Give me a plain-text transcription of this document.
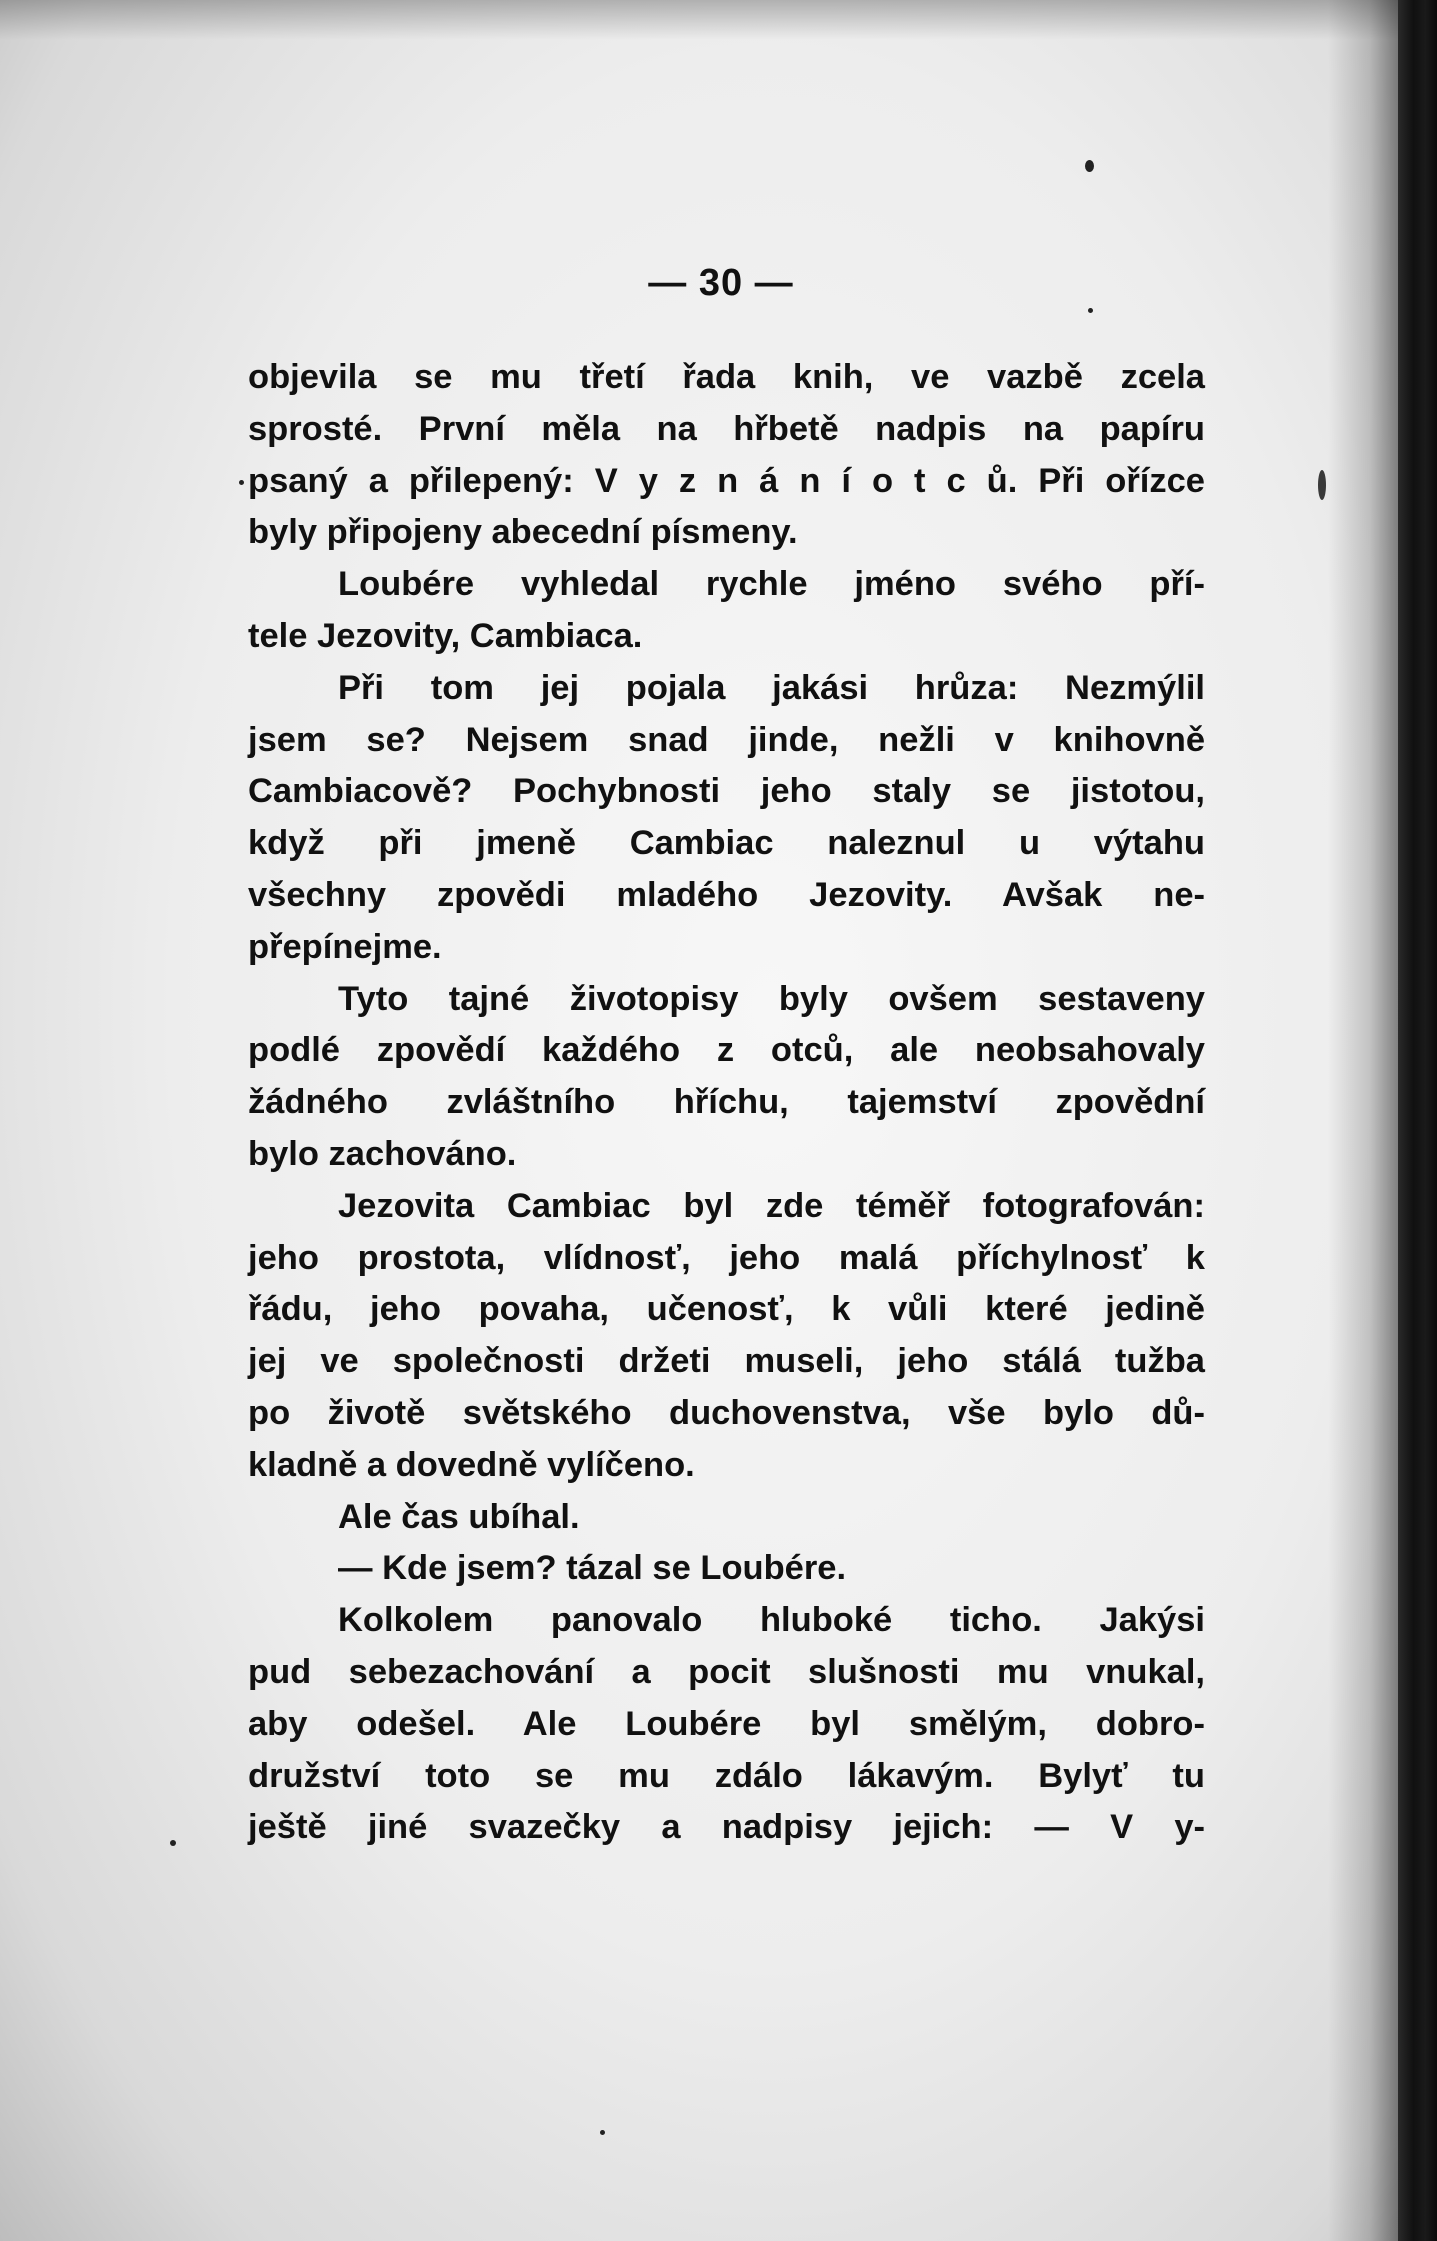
— 30 —
objevila se mu třetí řada knih, ve vazbě zcela
sprosté. První měla na hřbetě nadpis na papíru
psaný a přilepený: V y z n á n í o t c ů. Při ořízce
byly připojeny abecední písmeny.
Loubére vyhledal rychle jméno svého pří-
tele Jezovity, Cambiaca.
Při tom jej pojala jakási hrůza: Nezmýlil
jsem se? Nejsem snad jinde, nežli v knihovně
Cambiacově? Pochybnosti jeho staly se jistotou,
když při jmeně Cambiac naleznul u výtahu
všechny zpovědi mladého Jezovity. Avšak ne-
přepínejme.
Tyto tajné životopisy byly ovšem sestaveny
podlé zpovědí každého z otců, ale neobsahovaly
žádného zvláštního hříchu, tajemství zpovědní
bylo zachováno.
Jezovita Cambiac byl zde téměř fotografován:
jeho prostota, vlídnosť, jeho malá příchylnosť k
řádu, jeho povaha, učenosť, k vůli které jedině
jej ve společnosti držeti museli, jeho stálá tužba
po životě světského duchovenstva, vše bylo dů-
kladně a dovedně vylíčeno.
Ale čas ubíhal.
— Kde jsem? tázal se Loubére.
Kolkolem panovalo hluboké ticho. Jakýsi
pud sebezachování a pocit slušnosti mu vnukal,
aby odešel. Ale Loubére byl smělým, dobro-
družství toto se mu zdálo lákavým. Bylyť tu
ještě jiné svazečky a nadpisy jejich: — V y-
